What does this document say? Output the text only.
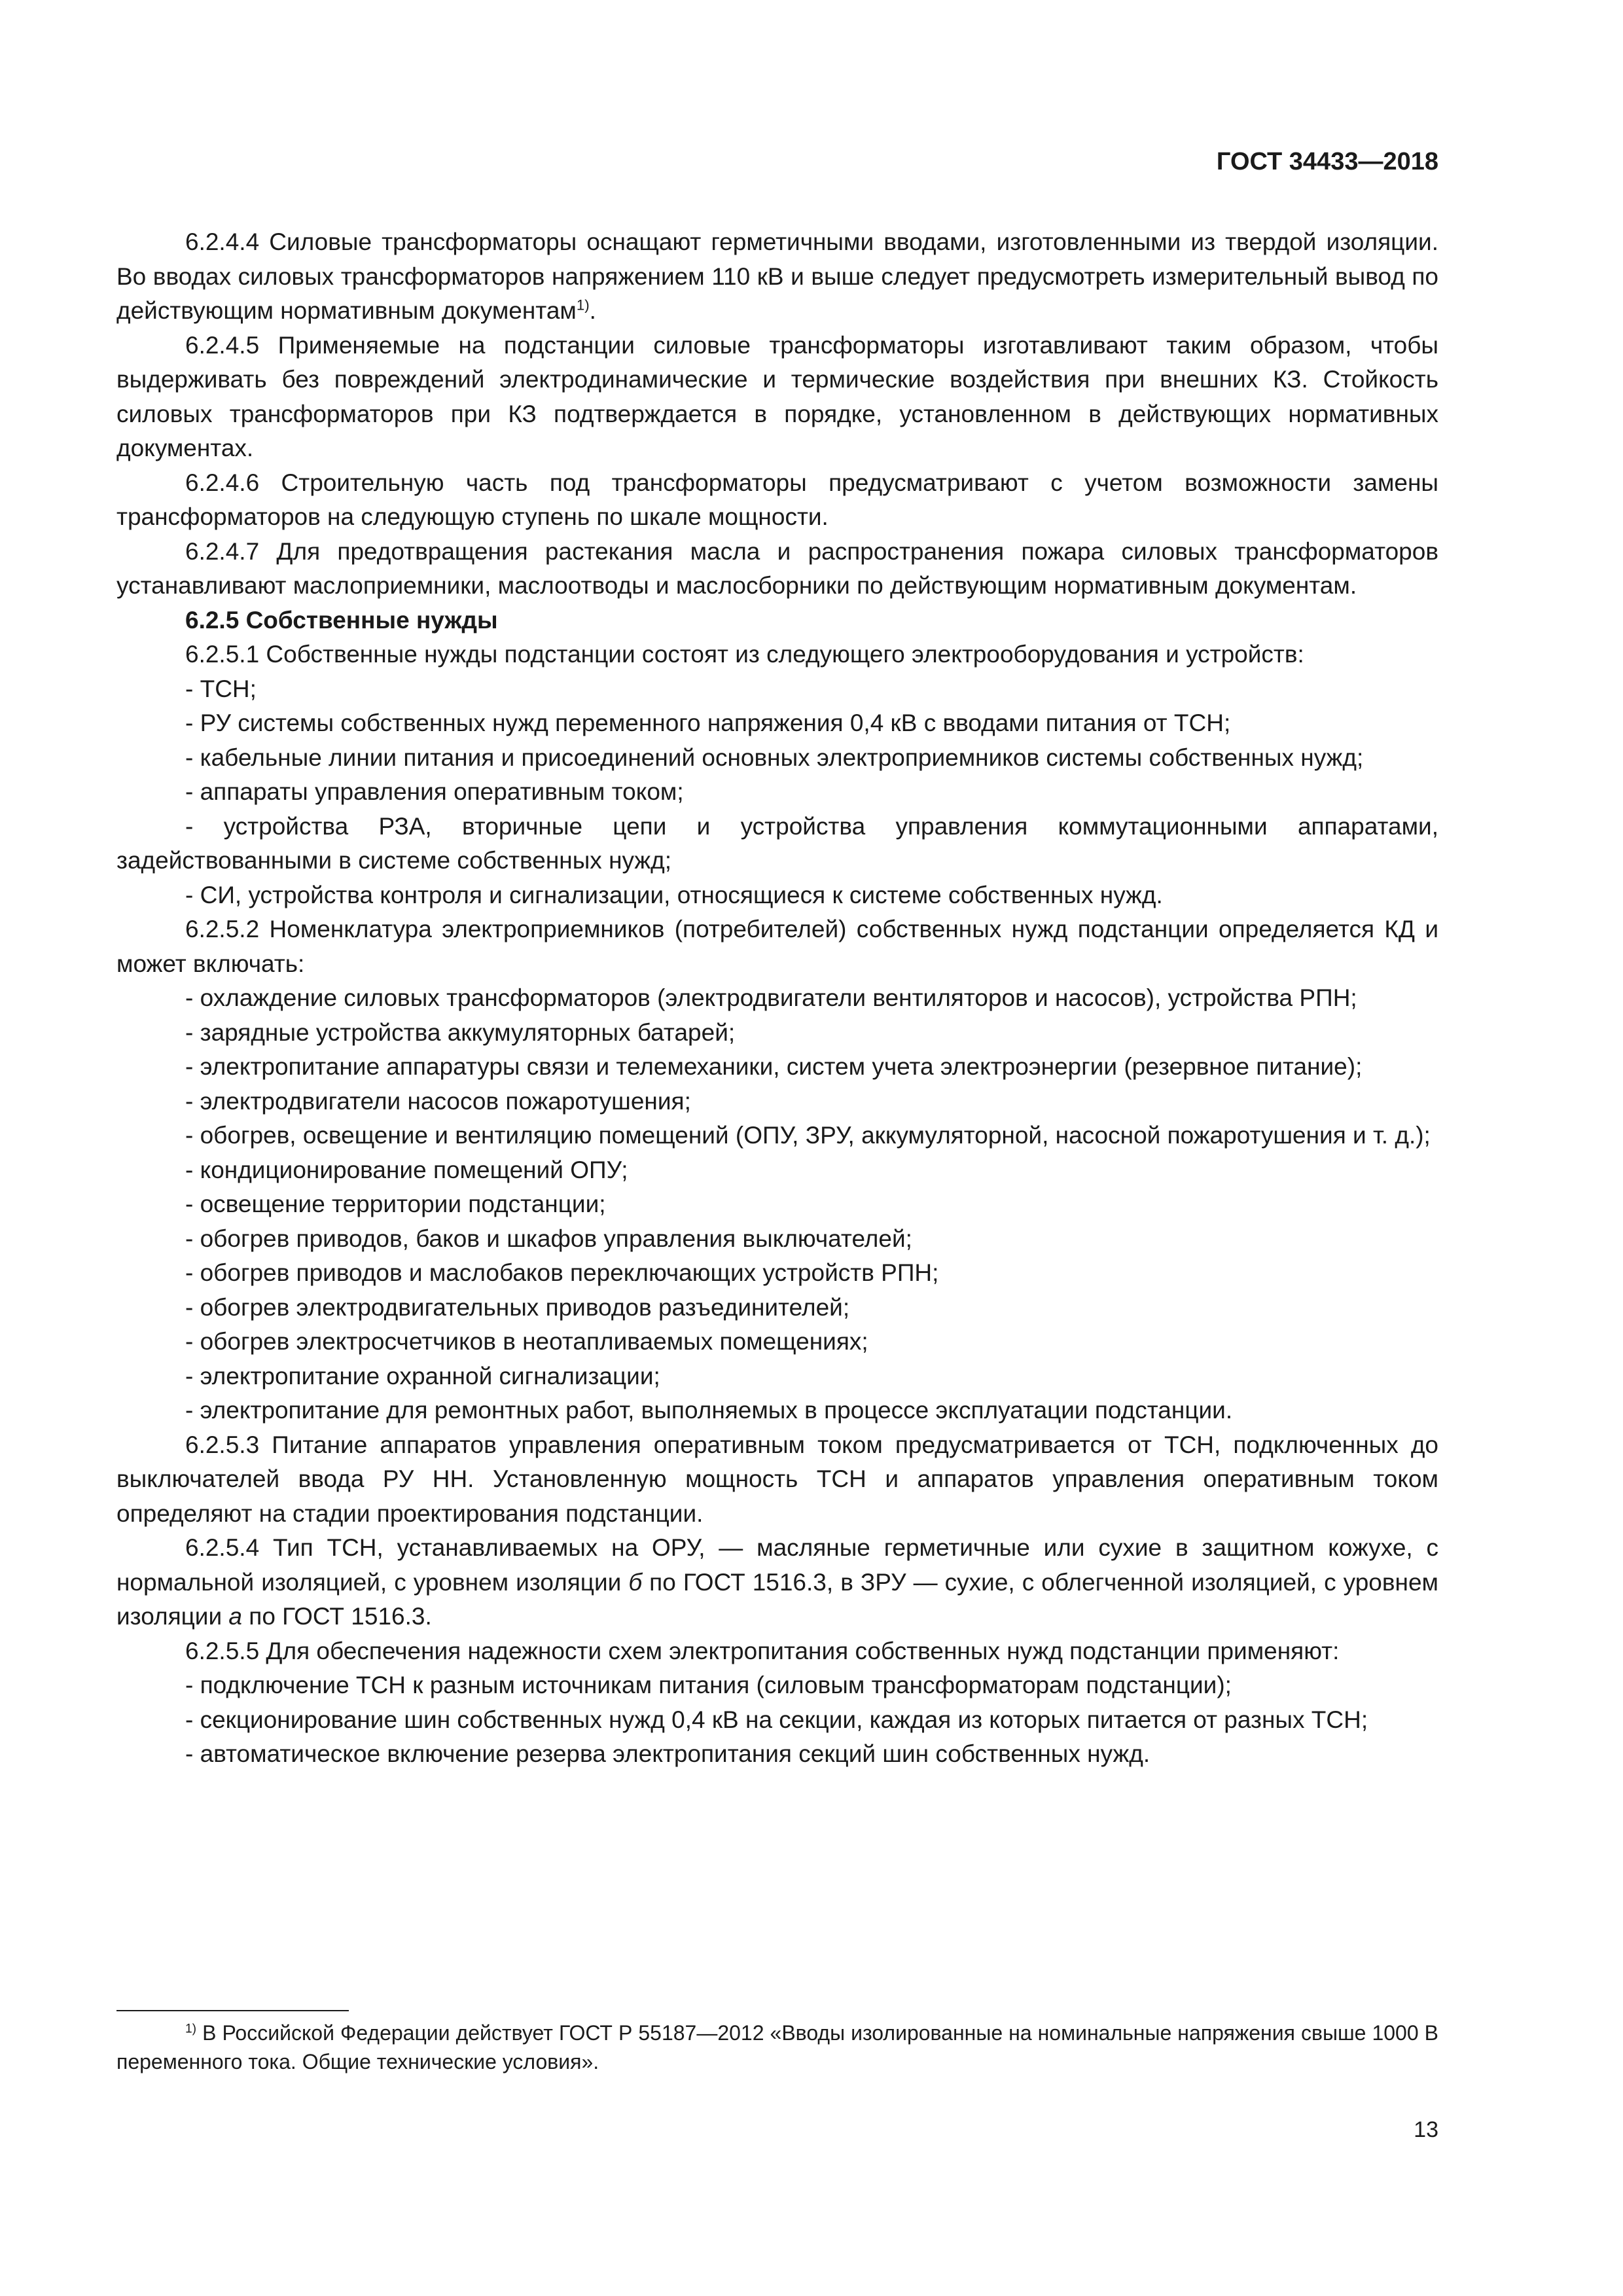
ГОСТ 34433—2018

6.2.4.4 Силовые трансформаторы оснащают герметичными вводами, изготовленными из твердой изоляции. Во вводах силовых трансформаторов напряжением 110 кВ и выше следует предусмотреть измерительный вывод по действующим нормативным документам$^{1)}$.

6.2.4.5 Применяемые на подстанции силовые трансформаторы изготавливают таким образом, чтобы выдерживать без повреждений электродинамические и термические воздействия при внешних КЗ. Стойкость силовых трансформаторов при КЗ подтверждается в порядке, установленном в действующих нормативных документах.

6.2.4.6 Строительную часть под трансформаторы предусматривают с учетом возможности замены трансформаторов на следующую ступень по шкале мощности.

6.2.4.7 Для предотвращения растекания масла и распространения пожара силовых трансформаторов устанавливают маслоприемники, маслоотводы и маслосборники по действующим нормативным документам.

6.2.5 Собственные нужды

6.2.5.1 Собственные нужды подстанции состоят из следующего электрооборудования и устройств:

- ТСН;

- РУ системы собственных нужд переменного напряжения 0,4 кВ с вводами питания от ТСН;

- кабельные линии питания и присоединений основных электроприемников системы собственных нужд;

- аппараты управления оперативным током;

- устройства РЗА, вторичные цепи и устройства управления коммутационными аппаратами, задействованными в системе собственных нужд;

- СИ, устройства контроля и сигнализации, относящиеся к системе собственных нужд.

6.2.5.2 Номенклатура электроприемников (потребителей) собственных нужд подстанции определяется КД и может включать:

- охлаждение силовых трансформаторов (электродвигатели вентиляторов и насосов), устройства РПН;

- зарядные устройства аккумуляторных батарей;

- электропитание аппаратуры связи и телемеханики, систем учета электроэнергии (резервное питание);

- электродвигатели насосов пожаротушения;

- обогрев, освещение и вентиляцию помещений (ОПУ, ЗРУ, аккумуляторной, насосной пожаротушения и т. д.);

- кондиционирование помещений ОПУ;

- освещение территории подстанции;

- обогрев приводов, баков и шкафов управления выключателей;

- обогрев приводов и маслобаков переключающих устройств РПН;

- обогрев электродвигательных приводов разъединителей;

- обогрев электросчетчиков в неотапливаемых помещениях;

- электропитание охранной сигнализации;

- электропитание для ремонтных работ, выполняемых в процессе эксплуатации подстанции.

6.2.5.3 Питание аппаратов управления оперативным током предусматривается от ТСН, подключенных до выключателей ввода РУ НН. Установленную мощность ТСН и аппаратов управления оперативным током определяют на стадии проектирования подстанции.

6.2.5.4 Тип ТСН, устанавливаемых на ОРУ, — масляные герметичные или сухие в защитном кожухе, с нормальной изоляцией, с уровнем изоляции б по ГОСТ 1516.3, в ЗРУ — сухие, с облегченной изоляцией, с уровнем изоляции а по ГОСТ 1516.3.

6.2.5.5 Для обеспечения надежности схем электропитания собственных нужд подстанции применяют:

- подключение ТСН к разным источникам питания (силовым трансформаторам подстанции);

- секционирование шин собственных нужд 0,4 кВ на секции, каждая из которых питается от разных ТСН;

- автоматическое включение резерва электропитания секций шин собственных нужд.

$^{1)}$ В Российской Федерации действует ГОСТ Р 55187—2012 «Вводы изолированные на номинальные напряжения свыше 1000 В переменного тока. Общие технические условия».

13
